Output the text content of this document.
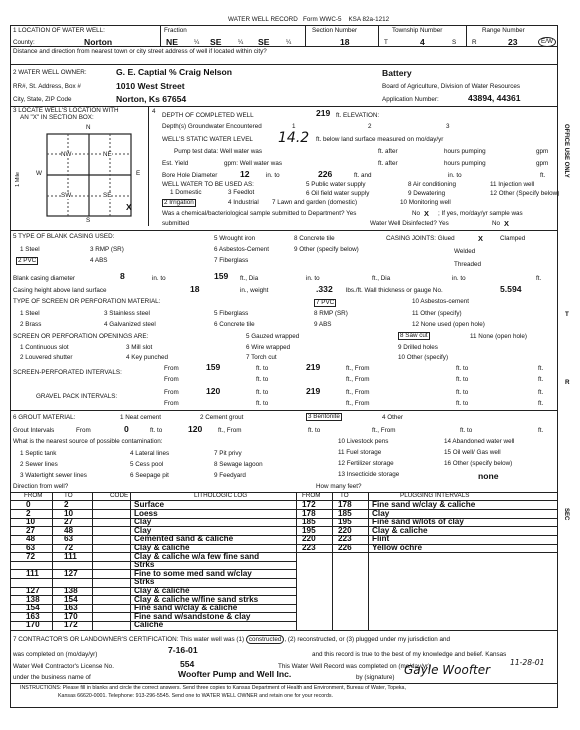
WATER WELL RECORD Form WWC-5 KSA 82a-1212
1 LOCATION OF WATER WELL:
County:	Norton
Fraction
NE	¼ SE	¼ SE	¼
Section Number
18
Township Number
T	4	S
Range Number
R	23	E/W
Distance and direction from nearest town or city street address of well if located within city?
2 WATER WELL OWNER:	G. E. Captial % Craig Nelson	Battery
RR#, St. Address, Box #	1010 West Street	Board of Agriculture, Division of Water Resources
City, State, ZIP Code	Norton, Ks 67654	Application Number:	43894, 44361
3 LOCATE WELL'S LOCATION WITH
AN "X" IN SECTION BOX:
N
S
W	E
1 Mile
NW	NE
SW	SE
X
4
DEPTH OF COMPLETED WELL	219 ft. ELEVATION:
Depth(s) Groundwater Encountered	1	2	3
WELL'S STATIC WATER LEVEL 14.2 ft. below land surface measured on mo/day/yr
Pump test data: Well water was	ft. after	hours pumping	gpm
Est. Yield	gpm: Well water was	ft. after	hours pumping	gpm
Bore Hole Diameter	12	in. to	226	ft. and	in. to	ft.
WELL WATER TO BE USED AS:
1 Domestic	3 Feedlot
5 Public water supply	8 Air conditioning	11 Injection well
2 Irrigation	4 Industrial
6 Oil field water supply	9 Dewatering	12 Other (Specify below)
7 Lawn and garden (domestic)	10 Monitoring well
Was a chemical/bacteriological sample submitted to Department? Yes	No X ; If yes, mo/day/yr sample was
submitted	Water Well Disinfected? Yes	No X
5 TYPE OF BLANK CASING USED:
1 Steel
2 PVC
3 RMP (SR)
4 ABS
5 Wrought iron
6 Asbestos-Cement
7 Fiberglass
8 Concrete tile
9 Other (specify below)
CASING JOINTS: Glued	X	Clamped
Welded
Threaded
Blank casing diameter	8	in. to	159 ft., Dia	in. to	ft., Dia	in. to	ft.
Casing height above land surface	18	in., weight	.332 lbs./ft. Wall thickness or gauge No.	5.594
TYPE OF SCREEN OR PERFORATION MATERIAL:
1 Steel	3 Stainless steel	5 Fiberglass
7 PVC	10 Asbestos-cement
2 Brass	4 Galvanized steel	6 Concrete tile
8 RMP (SR)	11 Other (specify)
9 ABS	12 None used (open hole)
SCREEN OR PERFORATION OPENINGS ARE:	5 Gauzed wrapped	8 Saw cut	11 None (open hole)
1 Continuous slot	3 Mill slot	6 Wire wrapped	9 Drilled holes
2 Louvered shutter	4 Key punched	7 Torch cut	10 Other (specify)
SCREEN-PERFORATED INTERVALS:
From	159	ft. to	219	ft., From	ft. to	ft.
From	ft. to	ft., From	ft. to	ft.
GRAVEL PACK INTERVALS:
From	120	ft. to	219	ft., From	ft. to	ft.
From	ft. to	ft., From	ft. to	ft.
6 GROUT MATERIAL:	1 Neat cement	2 Cement grout	3 Bentonite	4 Other
Grout Intervals	From	0	ft. to	120 ft., From	ft. to	ft., From	ft. to	ft.
What is the nearest source of possible contamination:
1 Septic tank	4 Lateral lines	7 Pit privy
10 Livestock pens	14 Abandoned water well
2 Sewer lines	5 Cess pool	8 Sewage lagoon
11 Fuel storage	15 Oil well/ Gas well
3 Watertight sewer lines	6 Seepage pit	9 Feedyard
12 Fertilizer storage	16 Other (specify below)
13 Insecticide storage	none
Direction from well?	How many feet?
FROM	TO	CODE	LITHOLOGIC LOG	FROM	TO	PLUGGING INTERVALS
0	2	Surface
2	10	Loess
10	27	Clay
27	48	Clay
48	63	Cemented sand & caliche
63	72	Clay & caliche
72	111	Clay & caliche w/a few fine sand
Strks
111	127	Fine to some med sand w/clay
Strks
127	138	Clay & caliche
138	154	Clay & caliche w/fine sand strks
154	163	Fine sand w/clay & caliche
163	170	Fine sand w/sandstone & clay
170	172	Caliche
172	178 Fine sand w/clay & caliche
178	185 Clay
185	195 Fine sand w/lots of clay
195	220 Clay & caliche
220	223 Flint
223	226 Yellow ochre
7 CONTRACTOR'S OR LANDOWNER'S CERTIFICATION: This water well was (1) constructed , (2) reconstructed, or (3) plugged under my jurisdiction and
was completed on (mo/day/yr)	7-16-01	and this record is true to the best of my knowledge and belief. Kansas
Water Well Contractor's License No.	554	This Water Well Record was completed on (mo/day/yr)	11-28-01
under the business name of	Woofter Pump and Well Inc.	by (signature)
Gayle Woofter
INSTRUCTIONS: Please fill in blanks and circle the correct answers. Send three copies to Kansas Department of Health and Environment, Bureau of Water, Topeka,
Kansas 66620-0001. Telephone: 913-296-5545. Send one to WATER WELL OWNER and retain one for your records.
OFFICE USE ONLY
T
R
SEC
